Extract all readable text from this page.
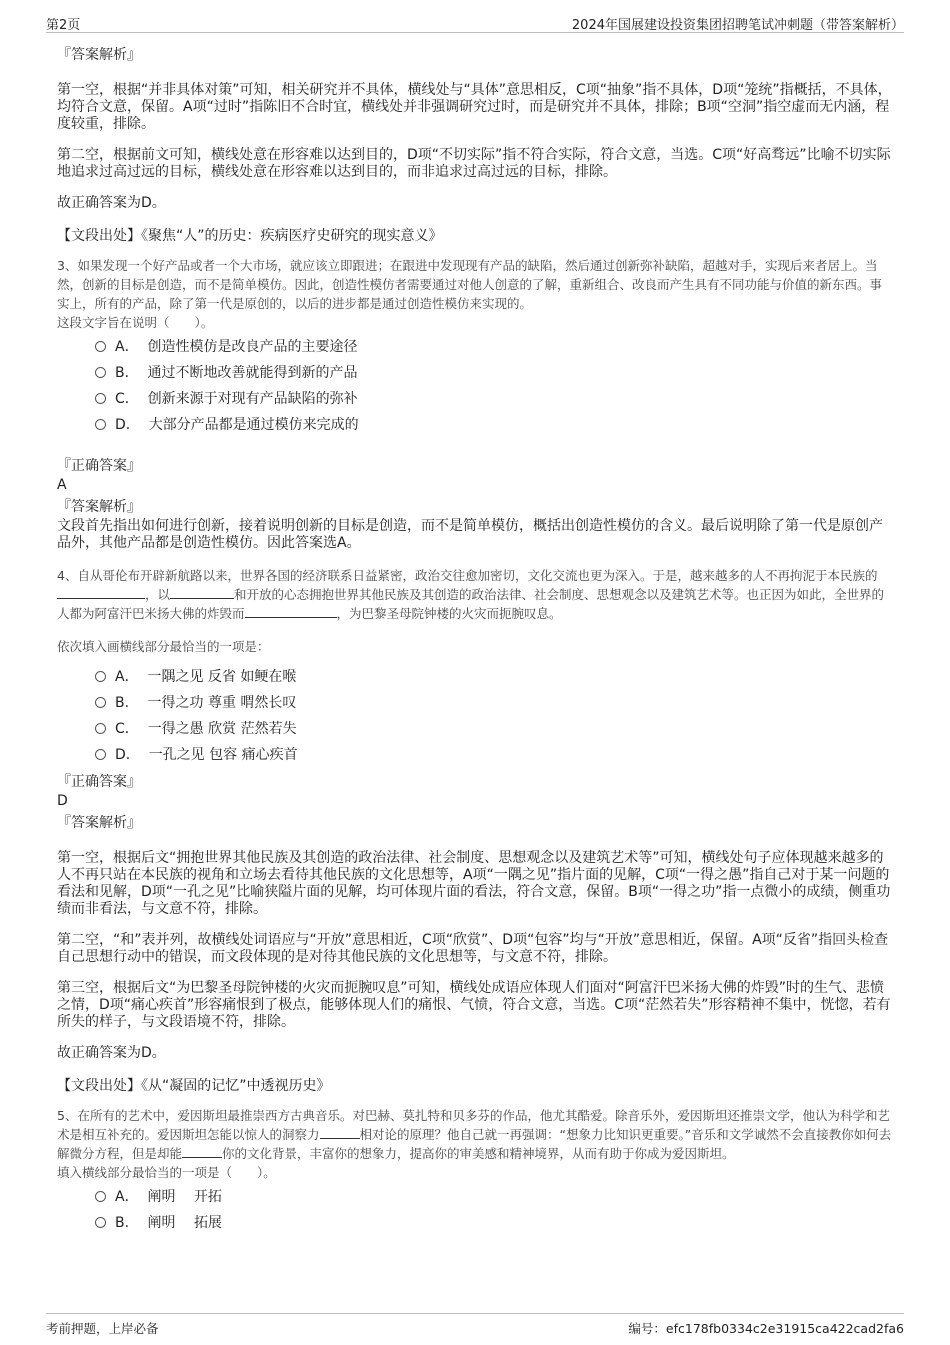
第2页	2024年国展建设投资集团招聘笔试冲刺题（带答案解析）
『答案解析』

第一空，根据“并非具体对策”可知，相关研究并不具体，横线处与“具体”意思相反，C项“抽象”指不具体，D项“笼统”指概括，不具体，均符合文意，保留。A项“过时”指陈旧不合时宜，横线处并非强调研究过时，而是研究并不具体，排除；B项“空洞”指空虚而无内涵，程度较重，排除。

第二空，根据前文可知，横线处意在形容难以达到目的，D项“不切实际”指不符合实际，符合文意，当选。C项“好高骛远”比喻不切实际地追求过高过远的目标，横线处意在形容难以达到目的，而非追求过高过远的目标，排除。

故正确答案为D。

【文段出处】《聚焦“人”的历史：疾病医疗史研究的现实意义》

3、如果发现一个好产品或者一个大市场，就应该立即跟进；在跟进中发现现有产品的缺陷，然后通过创新弥补缺陷，超越对手，实现后来者居上。当然，创新的目标是创造，而不是简单模仿。因此，创造性模仿者需要通过对他人创意的了解，重新组合、改良而产生具有不同功能与价值的新东西。事实上，所有的产品，除了第一代是原创的，以后的进步都是通过创造性模仿来实现的。

这段文字旨在说明（　　）。

A． 创造性模仿是改良产品的主要途径
B． 通过不断地改善就能得到新的产品
C． 创新来源于对现有产品缺陷的弥补
D． 大部分产品都是通过模仿来完成的
『正确答案』
A
『答案解析』

文段首先指出如何进行创新，接着说明创新的目标是创造，而不是简单模仿，概括出创造性模仿的含义。最后说明除了第一代是原创产品外，其他产品都是创造性模仿。因此答案选A。

4、自从哥伦布开辟新航路以来，世界各国的经济联系日益紧密，政治交往愈加密切，文化交流也更为深入。于是，越来越多的人不再拘泥于本民族的，以	和开放的心态拥抱世界其他民族及其创造的政治法律、社会制度、思想观念以及建筑艺术等。也正因为如此，全世界的人都为阿富汗巴米扬大佛的炸毁而	，为巴黎圣母院钟楼的火灾而扼腕叹息。

依次填入画横线部分最恰当的一项是：

A． 一隅之见 反省 如鲠在喉
B． 一得之功 尊重 喟然长叹
C． 一得之愚 欣赏 茫然若失
D． 一孔之见 包容 痛心疾首
『正确答案』
D
『答案解析』

第一空，根据后文“拥抱世界其他民族及其创造的政治法律、社会制度、思想观念以及建筑艺术等”可知，横线处句子应体现越来越多的人不再只站在本民族的视角和立场去看待其他民族的文化思想等，A项“一隅之见”指片面的见解，C项“一得之愚”指自己对于某一问题的看法和见解，D项“一孔之见”比喻狭隘片面的见解，均可体现片面的看法，符合文意，保留。B项“一得之功”指一点微小的成绩，侧重功绩而非看法，与文意不符，排除。

第二空，“和”表并列，故横线处词语应与“开放”意思相近，C项“欣赏”、D项“包容”均与“开放”意思相近，保留。A项“反省”指回头检查自己思想行动中的错误，而文段体现的是对待其他民族的文化思想等，与文意不符，排除。

第三空，根据后文“为巴黎圣母院钟楼的火灾而扼腕叹息”可知，横线处成语应体现人们面对“阿富汗巴米扬大佛的炸毁”时的生气、悲愤之情，D项“痛心疾首”形容痛恨到了极点，能够体现人们的痛恨、气愤，符合文意，当选。C项“茫然若失”形容精神不集中，恍惚，若有所失的样子，与文段语境不符，排除。

故正确答案为D。

【文段出处】《从“凝固的记忆”中透视历史》

5、在所有的艺术中，爱因斯坦最推崇西方古典音乐。对巴赫、莫扎特和贝多芬的作品，他尤其酷爱。除音乐外，爱因斯坦还推崇文学，他认为科学和艺术是相互补充的。爱因斯坦怎能以惊人的洞察力	相对论的原理？他自己就一再强调：“想象力比知识更重要。”音乐和文学诚然不会直接教你如何去解微分方程，但是却能	你的文化背景，丰富你的想象力，提高你的审美感和精神境界，从而有助于你成为爱因斯坦。

填入横线部分最恰当的一项是（　　）。

A． 阐明　 开拓
B． 阐明　 拓展
考前押题，上岸必备	编号：efc178fb0334c2e31915ca422cad2fa6
